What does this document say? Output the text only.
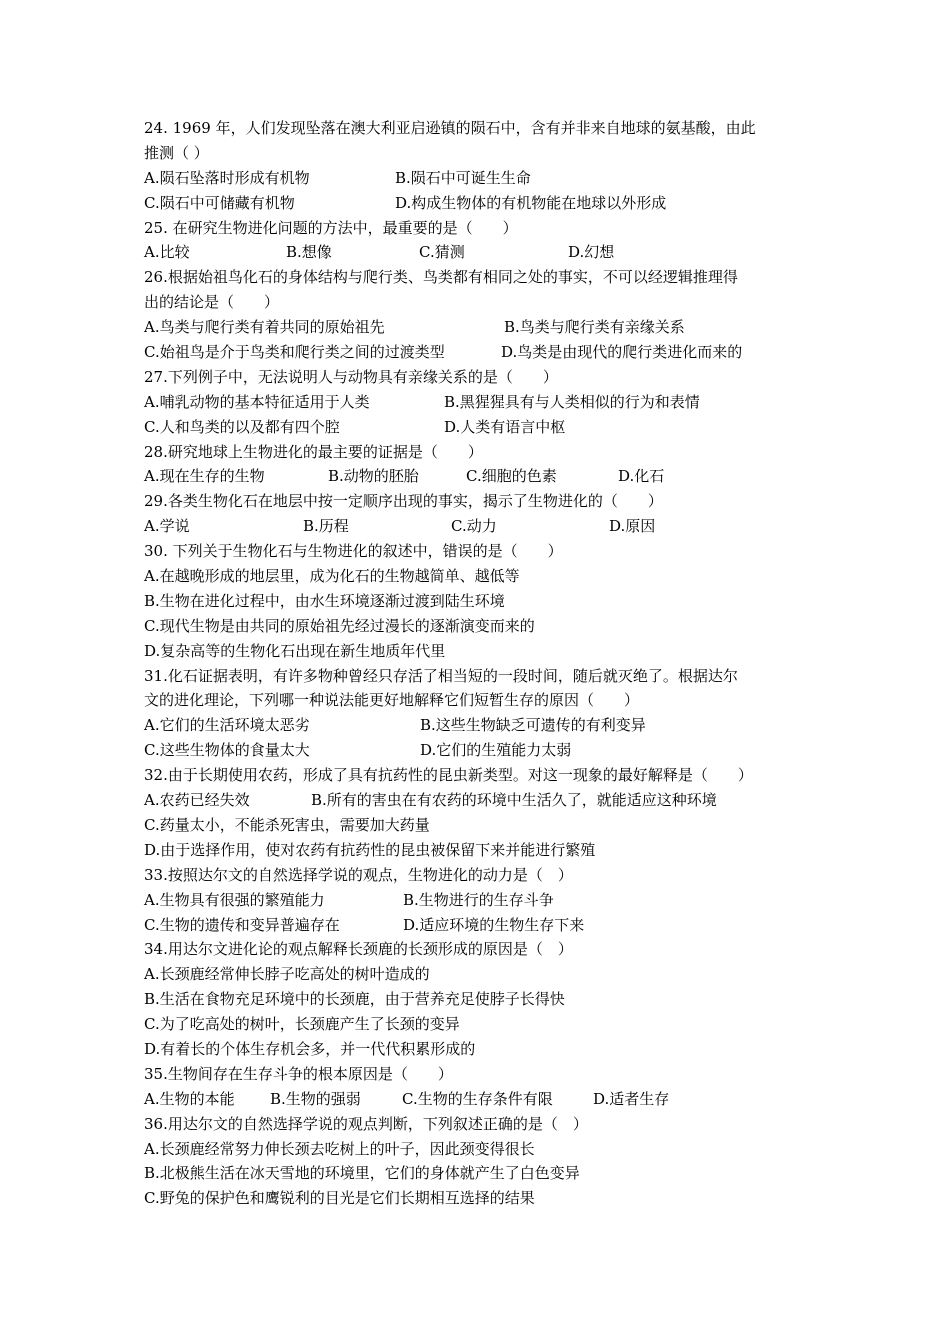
24. 1969 年，人们发现坠落在澳大利亚启逊镇的陨石中，含有并非来自地球的氨基酸，由此
推测（ ）
A.陨石坠落时形成有机物	B.陨石中可诞生生命
C.陨石中可储藏有机物	D.构成生物体的有机物能在地球以外形成
25. 在研究生物进化问题的方法中，最重要的是（　　）
A.比较	B.想像	C.猜测	D.幻想
26.根据始祖鸟化石的身体结构与爬行类、鸟类都有相同之处的事实，不可以经逻辑推理得
出的结论是（　　）
A.鸟类与爬行类有着共同的原始祖先	B.鸟类与爬行类有亲缘关系
C.始祖鸟是介于鸟类和爬行类之间的过渡类型	D.鸟类是由现代的爬行类进化而来的
27.下列例子中，无法说明人与动物具有亲缘关系的是（　　）
A.哺乳动物的基本特征适用于人类	B.黑猩猩具有与人类相似的行为和表情
C.人和鸟类的以及都有四个腔	D.人类有语言中枢
28.研究地球上生物进化的最主要的证据是（　　）
A.现在生存的生物	B.动物的胚胎	C.细胞的色素	D.化石
29.各类生物化石在地层中按一定顺序出现的事实，揭示了生物进化的（　　）
A.学说	B.历程	C.动力	D.原因
30. 下列关于生物化石与生物进化的叙述中，错误的是（　　）
A.在越晚形成的地层里，成为化石的生物越简单、越低等
B.生物在进化过程中，由水生环境逐渐过渡到陆生环境
C.现代生物是由共同的原始祖先经过漫长的逐渐演变而来的
D.复杂高等的生物化石出现在新生地质年代里
31.化石证据表明，有许多物种曾经只存活了相当短的一段时间，随后就灭绝了。根据达尔
文的进化理论，下列哪一种说法能更好地解释它们短暂生存的原因（　　）
A.它们的生活环境太恶劣	B.这些生物缺乏可遗传的有利变异
C.这些生物体的食量太大	D.它们的生殖能力太弱
32.由于长期使用农药，形成了具有抗药性的昆虫新类型。对这一现象的最好解释是（　　）
A.农药已经失效	B.所有的害虫在有农药的环境中生活久了，就能适应这种环境
C.药量太小，不能杀死害虫，需要加大药量
D.由于选择作用，使对农药有抗药性的昆虫被保留下来并能进行繁殖
33.按照达尔文的自然选择学说的观点，生物进化的动力是（　）
A.生物具有很强的繁殖能力	B.生物进行的生存斗争
C.生物的遗传和变异普遍存在	D.适应环境的生物生存下来
34.用达尔文进化论的观点解释长颈鹿的长颈形成的原因是（　）
A.长颈鹿经常伸长脖子吃高处的树叶造成的
B.生活在食物充足环境中的长颈鹿，由于营养充足使脖子长得快
C.为了吃高处的树叶，长颈鹿产生了长颈的变异
D.有着长的个体生存机会多，并一代代积累形成的
35.生物间存在生存斗争的根本原因是（　　）
A.生物的本能 B.生物的强弱	C.生物的生存条件有限	D.适者生存
36.用达尔文的自然选择学说的观点判断，下列叙述正确的是（　）
A.长颈鹿经常努力伸长颈去吃树上的叶子，因此颈变得很长
B.北极熊生活在冰天雪地的环境里，它们的身体就产生了白色变异
C.野兔的保护色和鹰锐利的目光是它们长期相互选择的结果
